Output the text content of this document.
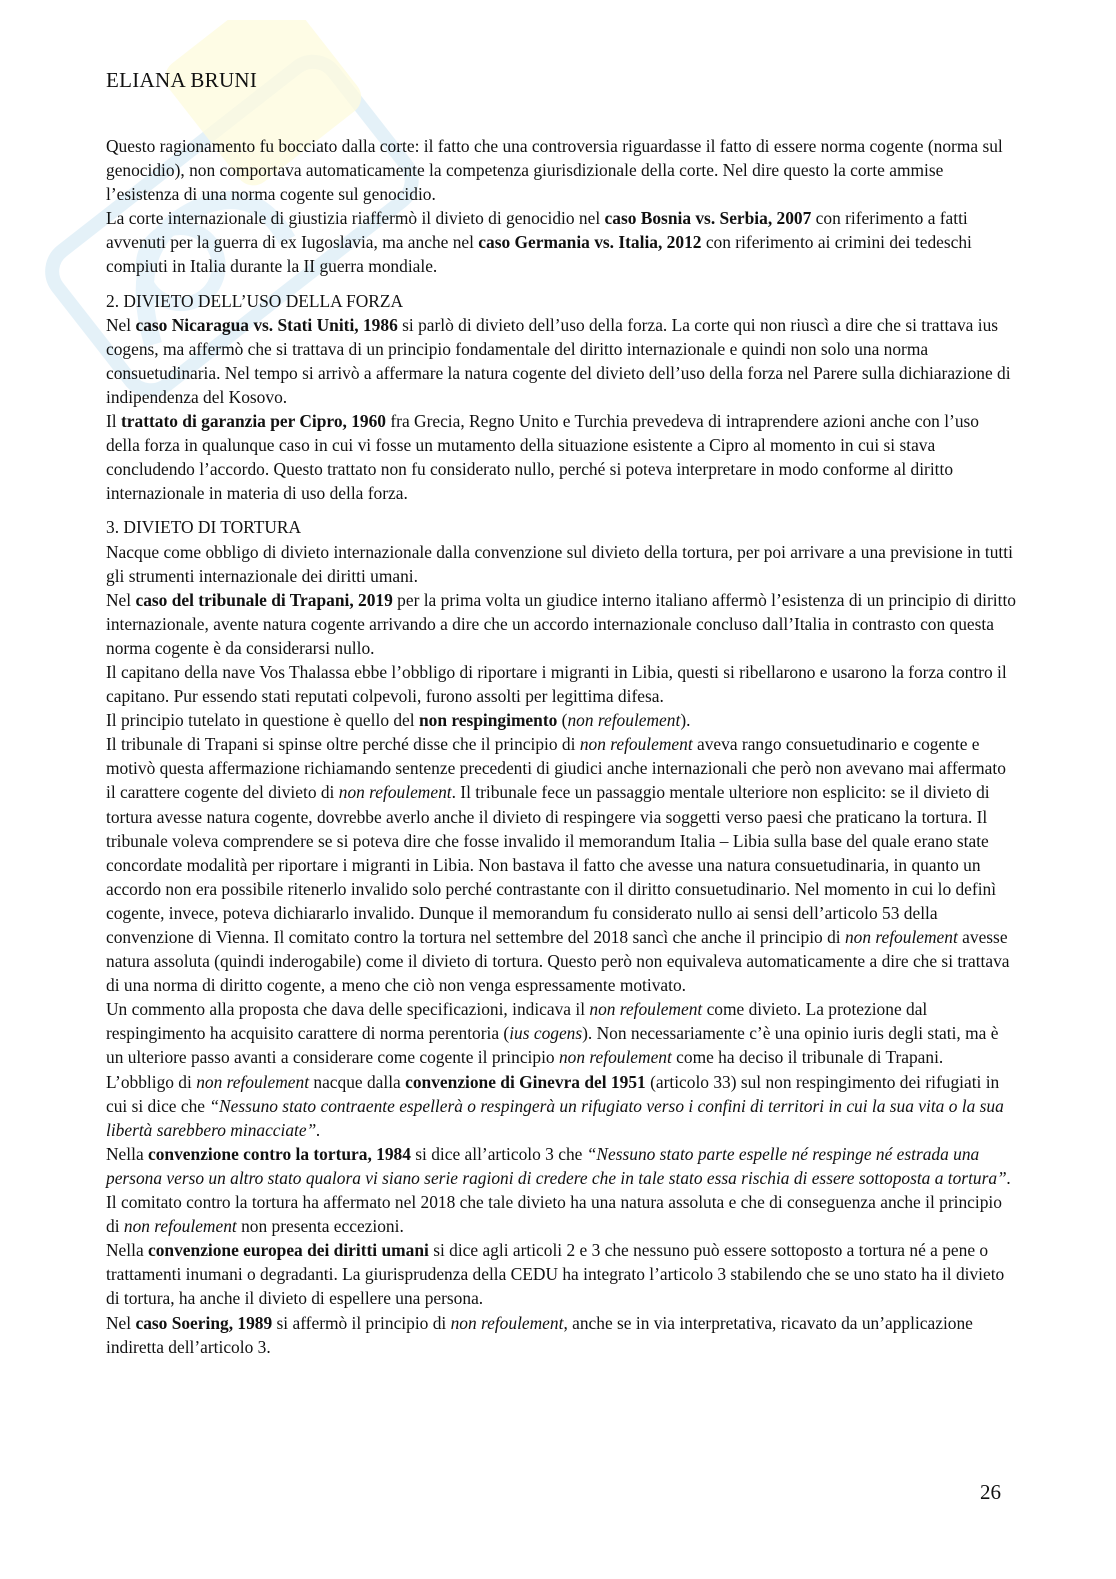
ELIANA BRUNI

Questo ragionamento fu bocciato dalla corte: il fatto che una controversia riguardasse il fatto di essere norma cogente (norma sul genocidio), non comportava automaticamente la competenza giurisdizionale della corte. Nel dire questo la corte ammise l’esistenza di una norma cogente sul genocidio.

La corte internazionale di giustizia riaffermò il divieto di genocidio nel caso Bosnia vs. Serbia, 2007 con riferimento a fatti avvenuti per la guerra di ex Iugoslavia, ma anche nel caso Germania vs. Italia, 2012 con riferimento ai crimini dei tedeschi compiuti in Italia durante la II guerra mondiale.

2. DIVIETO DELL’USO DELLA FORZA

Nel caso Nicaragua vs. Stati Uniti, 1986 si parlò di divieto dell’uso della forza. La corte qui non riuscì a dire che si trattava ius cogens, ma affermò che si trattava di un principio fondamentale del diritto internazionale e quindi non solo una norma consuetudinaria. Nel tempo si arrivò a affermare la natura cogente del divieto dell’uso della forza nel Parere sulla dichiarazione di indipendenza del Kosovo.

Il trattato di garanzia per Cipro, 1960 fra Grecia, Regno Unito e Turchia prevedeva di intraprendere azioni anche con l’uso della forza in qualunque caso in cui vi fosse un mutamento della situazione esistente a Cipro al momento in cui si stava concludendo l’accordo. Questo trattato non fu considerato nullo, perché si poteva interpretare in modo conforme al diritto internazionale in materia di uso della forza.

3. DIVIETO DI TORTURA

Nacque come obbligo di divieto internazionale dalla convenzione sul divieto della tortura, per poi arrivare a una previsione in tutti gli strumenti internazionale dei diritti umani.

Nel caso del tribunale di Trapani, 2019 per la prima volta un giudice interno italiano affermò l’esistenza di un principio di diritto internazionale, avente natura cogente arrivando a dire che un accordo internazionale concluso dall’Italia in contrasto con questa norma cogente è da considerarsi nullo.

Il capitano della nave Vos Thalassa ebbe l’obbligo di riportare i migranti in Libia, questi si ribellarono e usarono la forza contro il capitano. Pur essendo stati reputati colpevoli, furono assolti per legittima difesa.

Il principio tutelato in questione è quello del non respingimento (non refoulement).

Il tribunale di Trapani si spinse oltre perché disse che il principio di non refoulement aveva rango consuetudinario e cogente e motivò questa affermazione richiamando sentenze precedenti di giudici anche internazionali che però non avevano mai affermato il carattere cogente del divieto di non refoulement. Il tribunale fece un passaggio mentale ulteriore non esplicito: se il divieto di tortura avesse natura cogente, dovrebbe averlo anche il divieto di respingere via soggetti verso paesi che praticano la tortura. Il tribunale voleva comprendere se si poteva dire che fosse invalido il memorandum Italia – Libia sulla base del quale erano state concordate modalità per riportare i migranti in Libia. Non bastava il fatto che avesse una natura consuetudinaria, in quanto un accordo non era possibile ritenerlo invalido solo perché contrastante con il diritto consuetudinario. Nel momento in cui lo definì cogente, invece, poteva dichiararlo invalido. Dunque il memorandum fu considerato nullo ai sensi dell’articolo 53 della convenzione di Vienna. Il comitato contro la tortura nel settembre del 2018 sancì che anche il principio di non refoulement avesse natura assoluta (quindi inderogabile) come il divieto di tortura. Questo però non equivaleva automaticamente a dire che si trattava di una norma di diritto cogente, a meno che ciò non venga espressamente motivato.

Un commento alla proposta che dava delle specificazioni, indicava il non refoulement come divieto. La protezione dal respingimento ha acquisito carattere di norma perentoria (ius cogens). Non necessariamente c’è una opinio iuris degli stati, ma è un ulteriore passo avanti a considerare come cogente il principio non refoulement come ha deciso il tribunale di Trapani.

L’obbligo di non refoulement nacque dalla convenzione di Ginevra del 1951 (articolo 33) sul non respingimento dei rifugiati in cui si dice che “Nessuno stato contraente espellerà o respingerà un rifugiato verso i confini di territori in cui la sua vita o la sua libertà sarebbero minacciate”.

Nella convenzione contro la tortura, 1984 si dice all’articolo 3 che “Nessuno stato parte espelle né respinge né estrada una persona verso un altro stato qualora vi siano serie ragioni di credere che in tale stato essa rischia di essere sottoposta a tortura”. Il comitato contro la tortura ha affermato nel 2018 che tale divieto ha una natura assoluta e che di conseguenza anche il principio di non refoulement non presenta eccezioni.

Nella convenzione europea dei diritti umani si dice agli articoli 2 e 3 che nessuno può essere sottoposto a tortura né a pene o trattamenti inumani o degradanti. La giurisprudenza della CEDU ha integrato l’articolo 3 stabilendo che se uno stato ha il divieto di tortura, ha anche il divieto di espellere una persona.

Nel caso Soering, 1989 si affermò il principio di non refoulement, anche se in via interpretativa, ricavato da un’applicazione indiretta dell’articolo 3.

26
